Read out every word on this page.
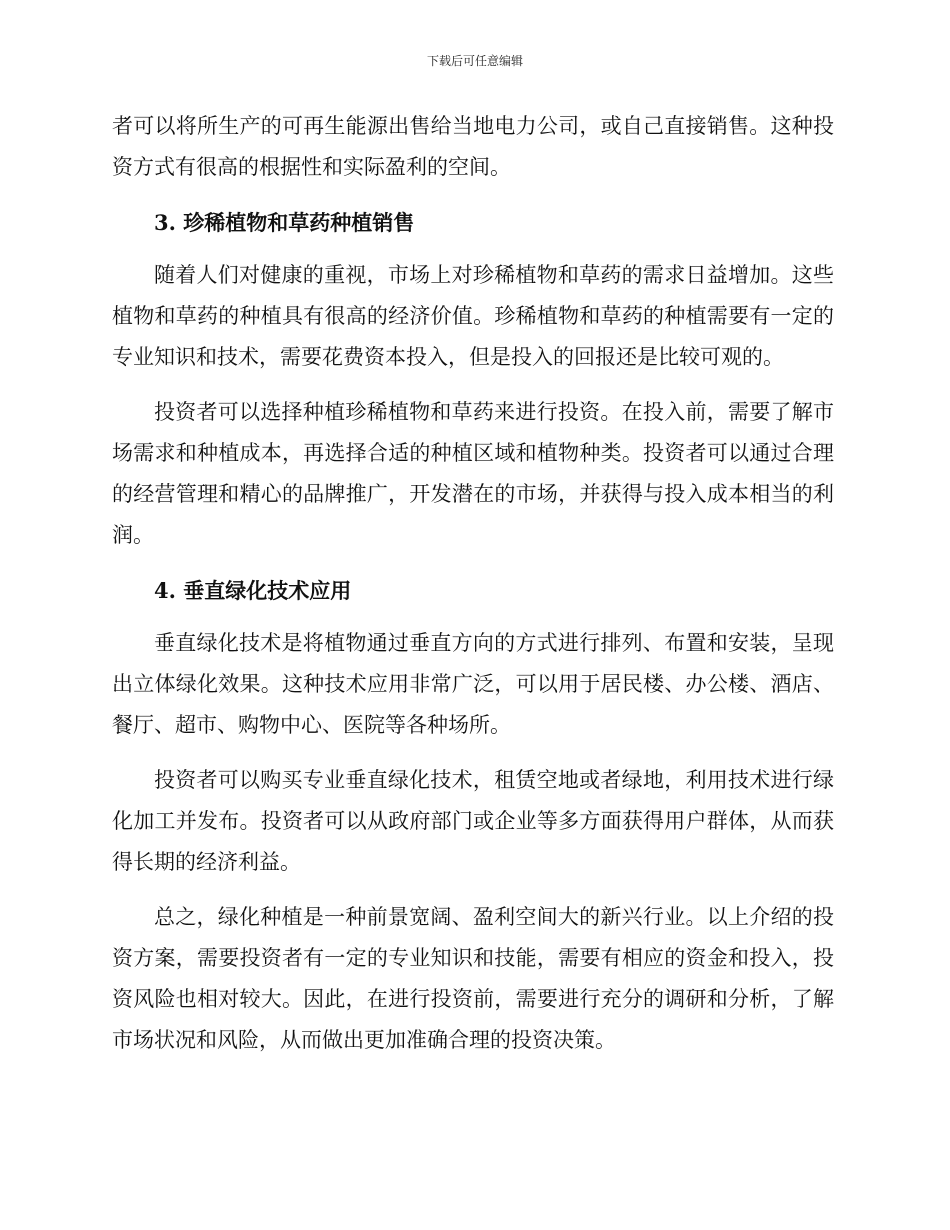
下载后可任意编辑

者可以将所生产的可再生能源出售给当地电力公司，或自己直接销售。这种投资方式有很高的根据性和实际盈利的空间。

3. 珍稀植物和草药种植销售

随着人们对健康的重视，市场上对珍稀植物和草药的需求日益增加。这些植物和草药的种植具有很高的经济价值。珍稀植物和草药的种植需要有一定的专业知识和技术，需要花费资本投入，但是投入的回报还是比较可观的。

投资者可以选择种植珍稀植物和草药来进行投资。在投入前，需要了解市场需求和种植成本，再选择合适的种植区域和植物种类。投资者可以通过合理的经营管理和精心的品牌推广，开发潜在的市场，并获得与投入成本相当的利润。

4. 垂直绿化技术应用

垂直绿化技术是将植物通过垂直方向的方式进行排列、布置和安装，呈现出立体绿化效果。这种技术应用非常广泛，可以用于居民楼、办公楼、酒店、餐厅、超市、购物中心、医院等各种场所。

投资者可以购买专业垂直绿化技术，租赁空地或者绿地，利用技术进行绿化加工并发布。投资者可以从政府部门或企业等多方面获得用户群体，从而获得长期的经济利益。

总之，绿化种植是一种前景宽阔、盈利空间大的新兴行业。以上介绍的投资方案，需要投资者有一定的专业知识和技能，需要有相应的资金和投入，投资风险也相对较大。因此，在进行投资前，需要进行充分的调研和分析，了解市场状况和风险，从而做出更加准确合理的投资决策。
